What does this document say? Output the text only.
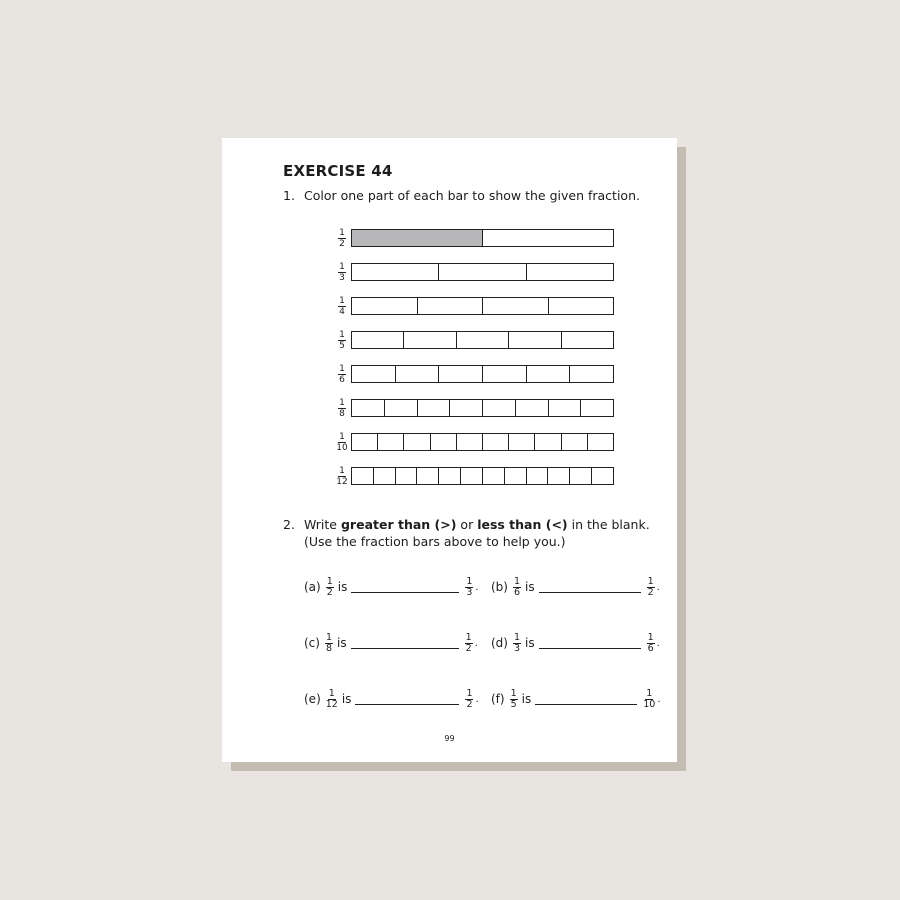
EXERCISE 44
1. Color one part of each bar to show the given fraction.
$\frac{1}{2}$
$\frac{1}{3}$
$\frac{1}{4}$
$\frac{1}{5}$
$\frac{1}{6}$
$\frac{1}{8}$
$\frac{1}{10}$
$\frac{1}{12}$
2. Write greater than (>) or less than (<) in the blank.
(Use the fraction bars above to help you.)
$(a) \frac{1}{2}$ is	$\frac{1}{3}$ . $(b) \frac{1}{6}$ is	$\frac{1}{2}$ .
$(c) \frac{1}{8}$ is	$\frac{1}{2}$ . $(d) \frac{1}{3}$ is	$\frac{1}{6}$ .
$(e) \frac{1}{12}$ is	$\frac{1}{2}$ . $(f) \frac{1}{5}$ is	$\frac{1}{10}$ .
99
